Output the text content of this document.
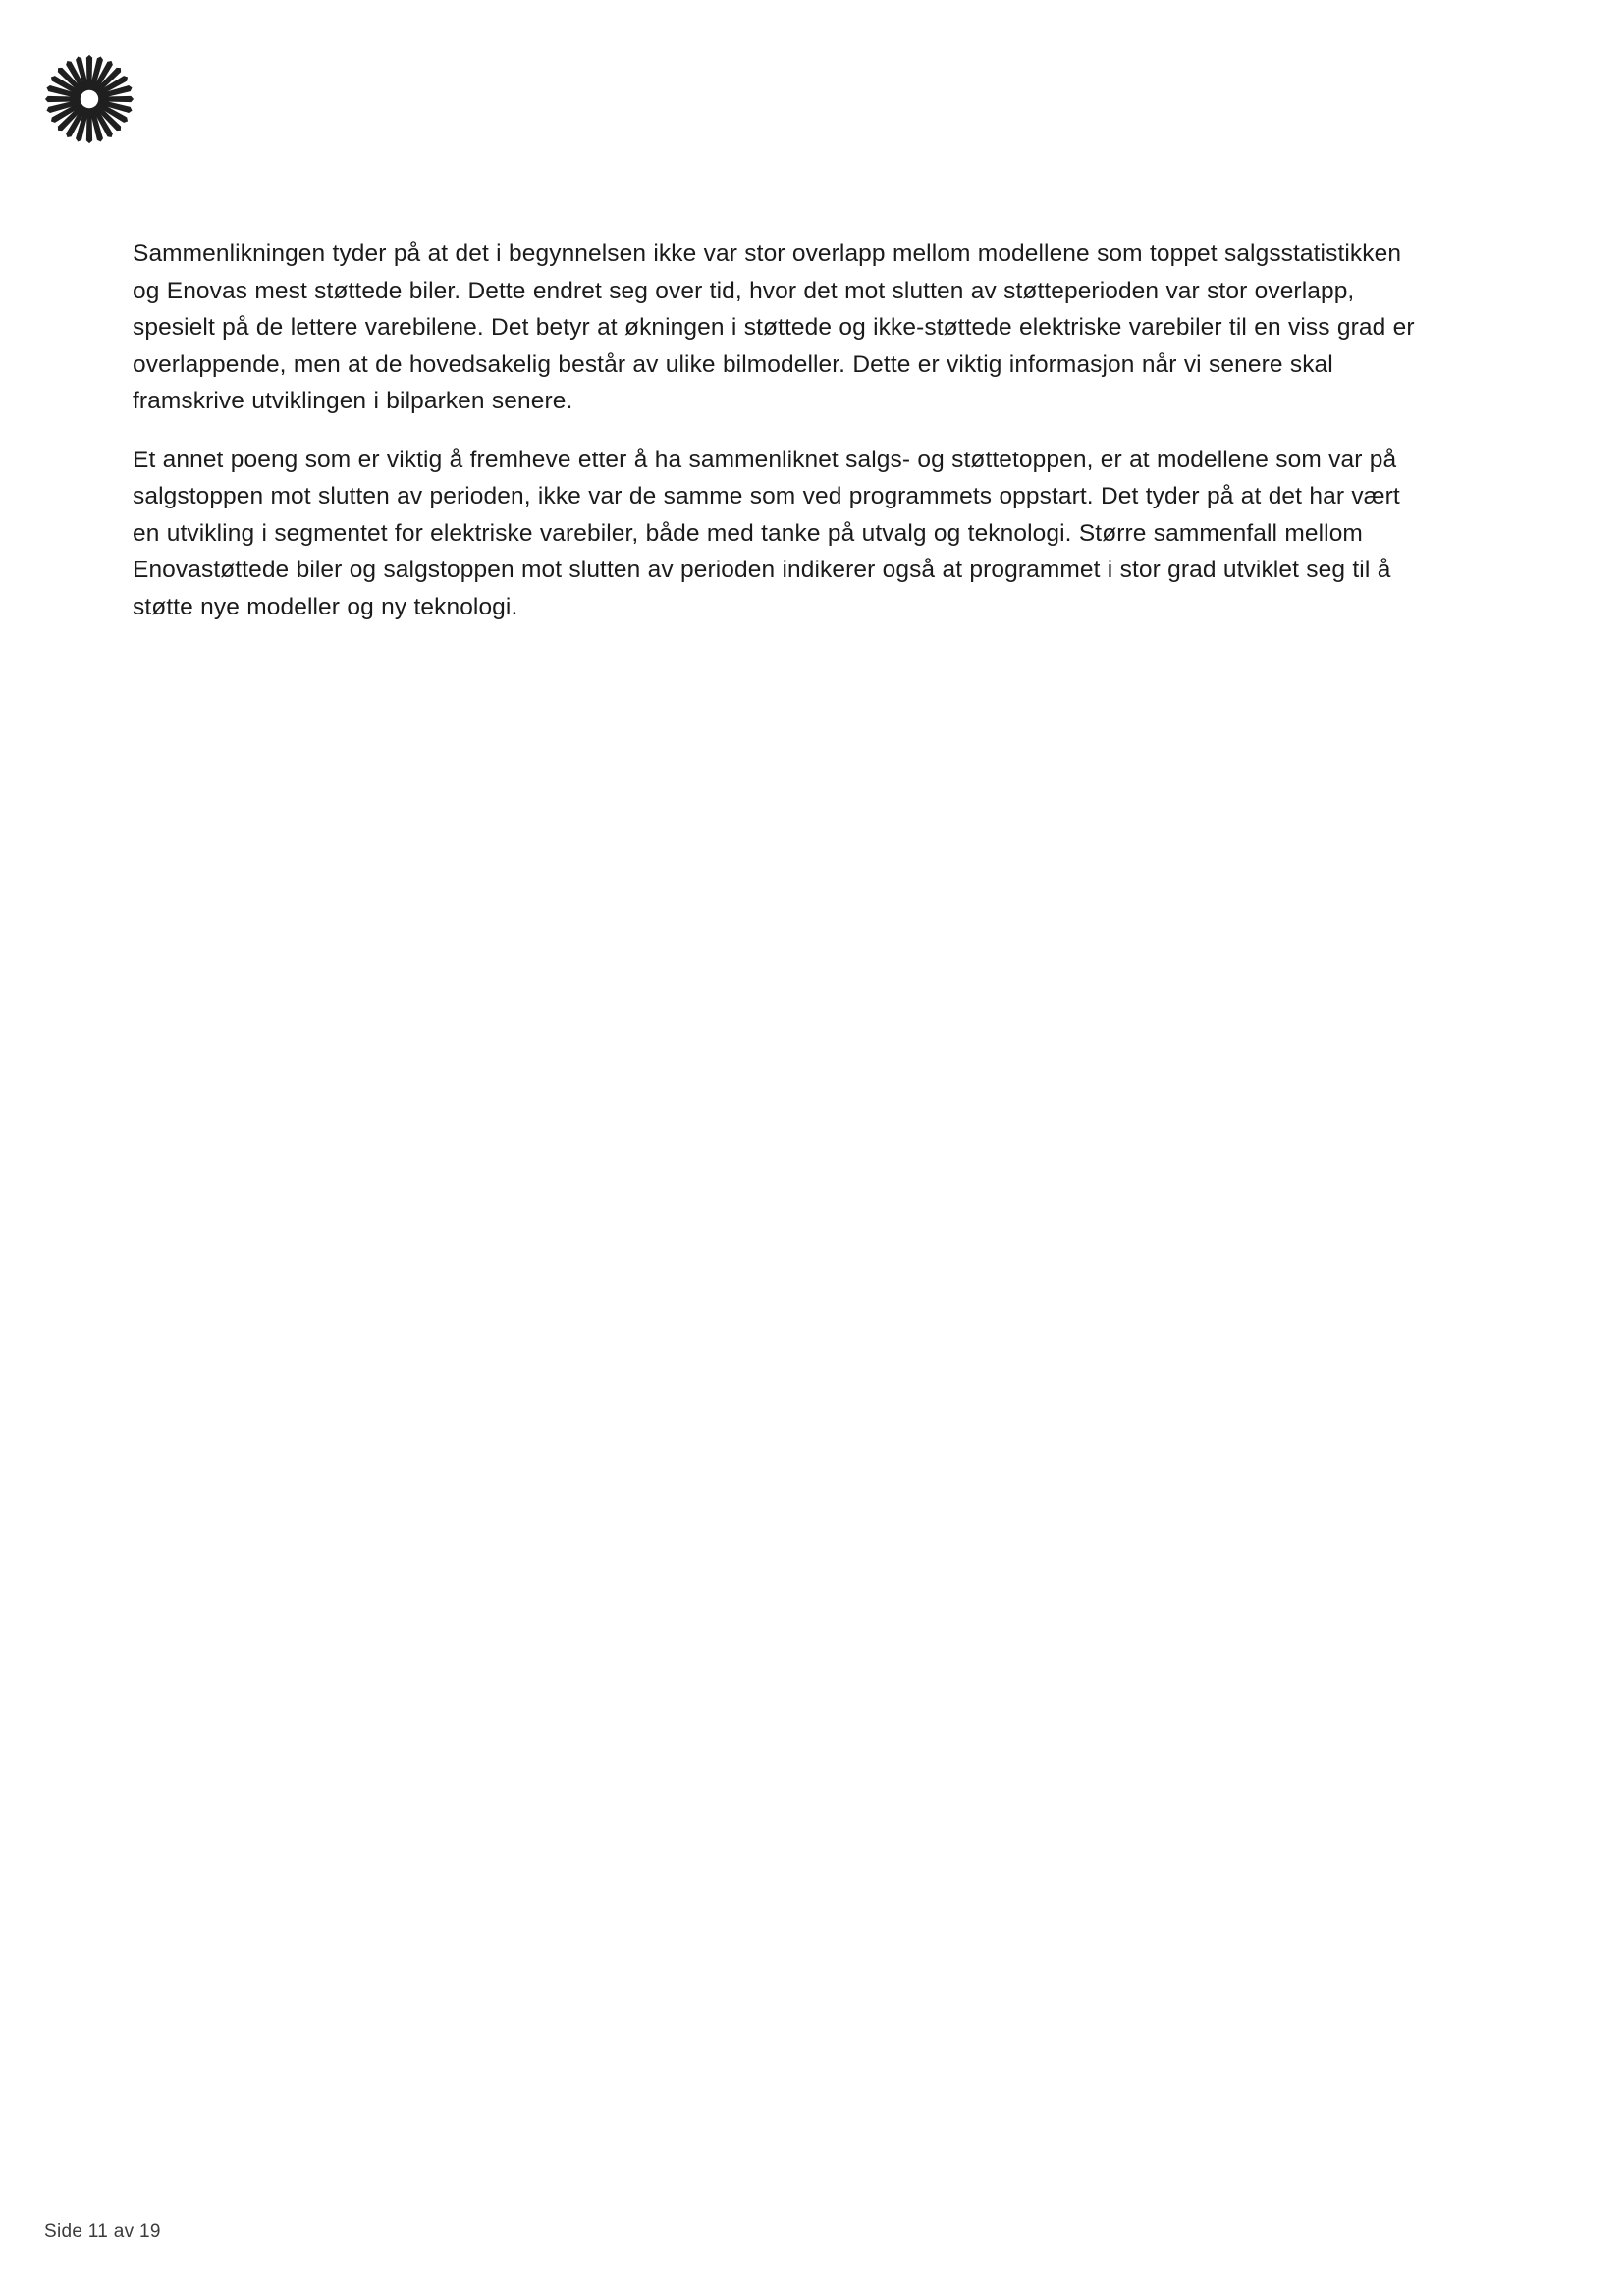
Sammenlikningen tyder på at det i begynnelsen ikke var stor overlapp mellom modellene som toppet salgsstatistikken og Enovas mest støttede biler. Dette endret seg over tid, hvor det mot slutten av støtteperioden var stor overlapp, spesielt på de lettere varebilene. Det betyr at økningen i støttede og ikke-støttede elektriske varebiler til en viss grad er overlappende, men at de hovedsakelig består av ulike bilmodeller. Dette er viktig informasjon når vi senere skal framskrive utviklingen i bilparken senere.

Et annet poeng som er viktig å fremheve etter å ha sammenliknet salgs- og støttetoppen, er at modellene som var på salgstoppen mot slutten av perioden, ikke var de samme som ved programmets oppstart. Det tyder på at det har vært en utvikling i segmentet for elektriske varebiler, både med tanke på utvalg og teknologi. Større sammenfall mellom Enovastøttede biler og salgstoppen mot slutten av perioden indikerer også at programmet i stor grad utviklet seg til å støtte nye modeller og ny teknologi.

Side 11 av 19
